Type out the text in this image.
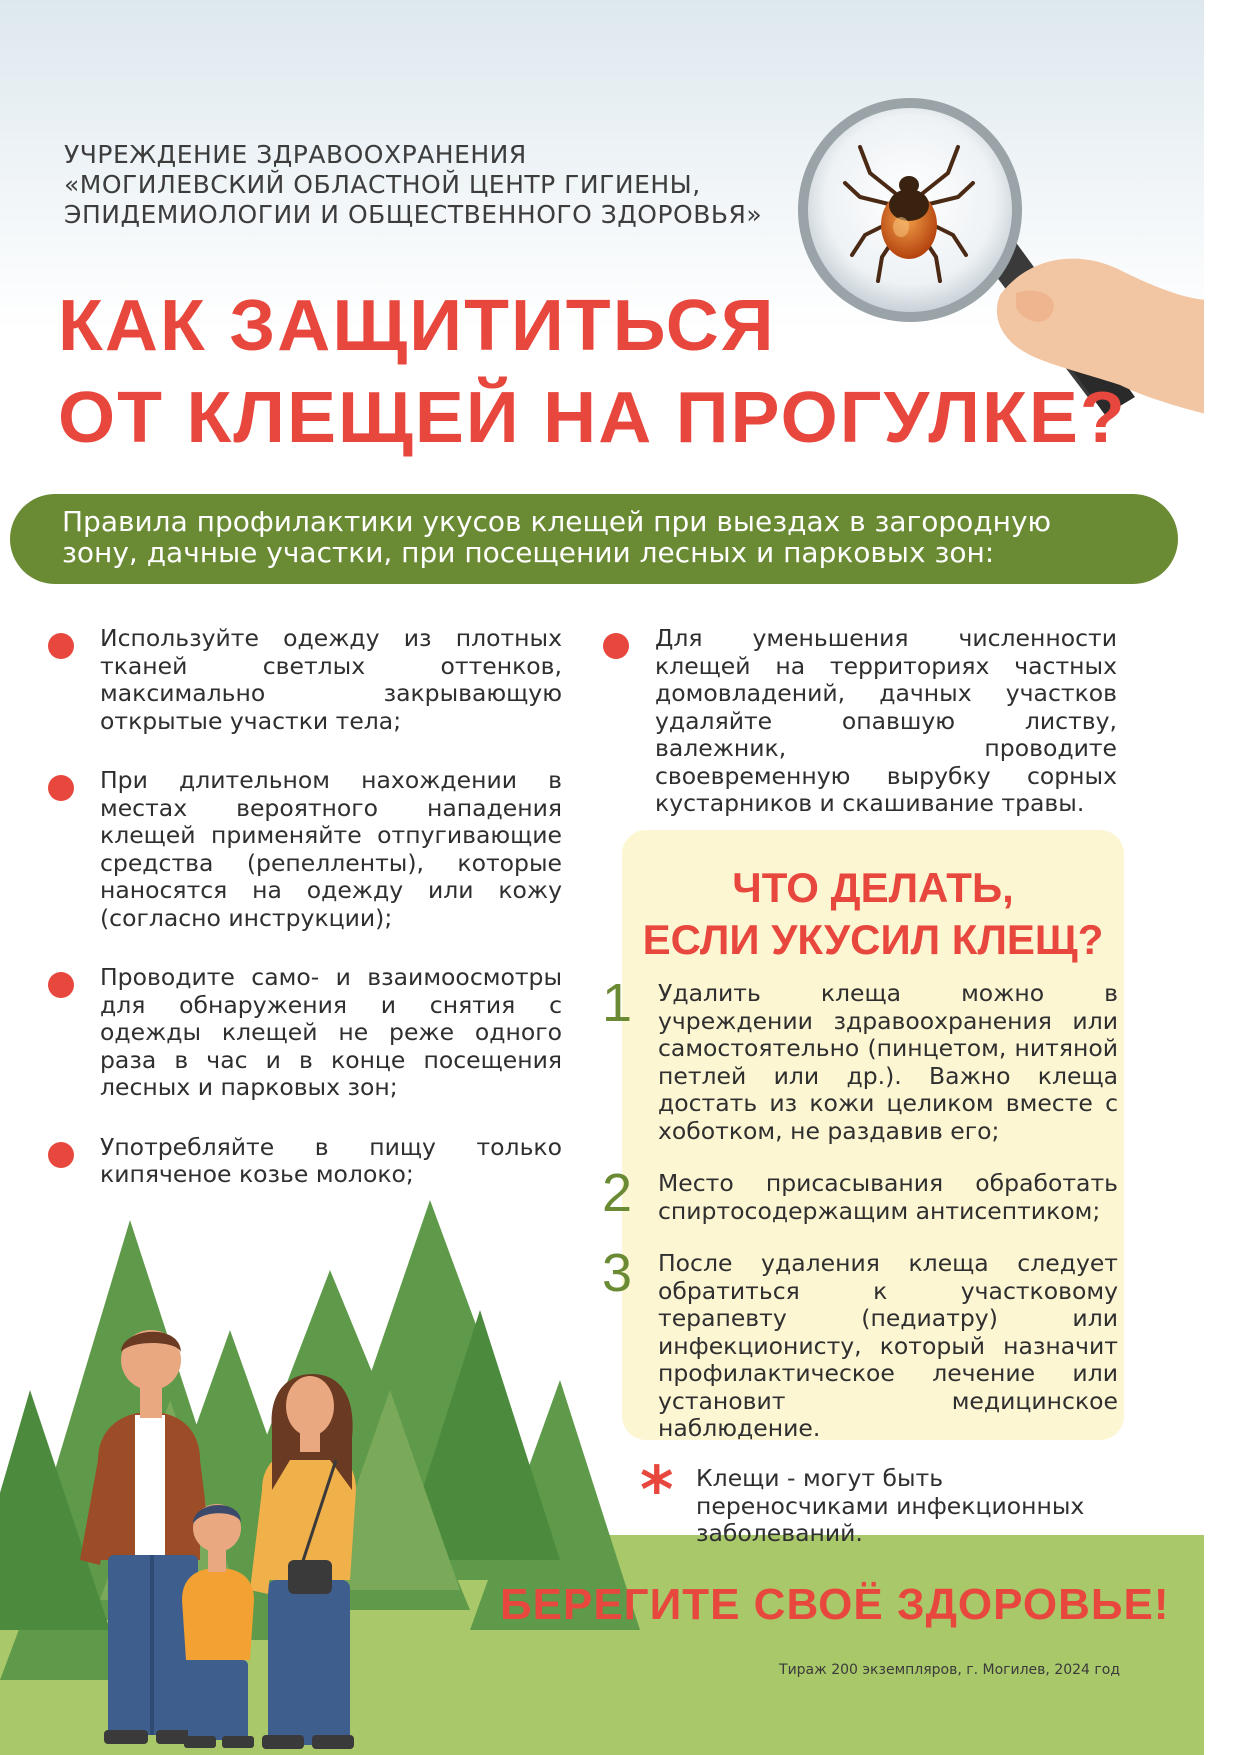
УЧРЕЖДЕНИЕ ЗДРАВООХРАНЕНИЯ
«МОГИЛЕВСКИЙ ОБЛАСТНОЙ ЦЕНТР ГИГИЕНЫ,
ЭПИДЕМИОЛОГИИ И ОБЩЕСТВЕННОГО ЗДОРОВЬЯ»
КАК ЗАЩИТИТЬСЯ
ОТ КЛЕЩЕЙ НА ПРОГУЛКЕ?
Правила профилактики укусов клещей при выездах в загородную
зону, дачные участки, при посещении лесных и парковых зон:
Используйте одежду из плотных тканей светлых оттенков, максимально закрывающую открытые участки тела;
При длительном нахождении в местах вероятного нападения клещей применяйте отпугивающие средства (репелленты), которые наносятся на одежду или кожу (согласно инструкции);
Проводите само- и взаимоосмотры для обнаружения и снятия с одежды клещей не реже одного раза в час и в конце посещения лесных и парковых зон;
Употребляйте в пищу только кипяченое козье молоко;
Для уменьшения численности клещей на территориях частных домовладений, дачных участков удаляйте опавшую листву, валежник, проводите своевременную вырубку сорных кустарников и скашивание травы.
ЧТО ДЕЛАТЬ,
ЕСЛИ УКУСИЛ КЛЕЩ?
1 Удалить клеща можно в учреждении здравоохранения или самостоятельно (пинцетом, нитяной петлей или др.). Важно клеща достать из кожи целиком вместе с хоботком, не раздавив его;
2 Место присасывания обработать спиртосодержащим антисептиком;
3 После удаления клеща следует обратиться к участковому терапевту (педиатру) или инфекционисту, который назначит профилактическое лечение или установит медицинское наблюдение.
* Клещи - могут быть переносчиками инфекционных заболеваний.
БЕРЕГИТЕ СВОЁ ЗДОРОВЬЕ!
Тираж 200 экземпляров, г. Могилев, 2024 год
